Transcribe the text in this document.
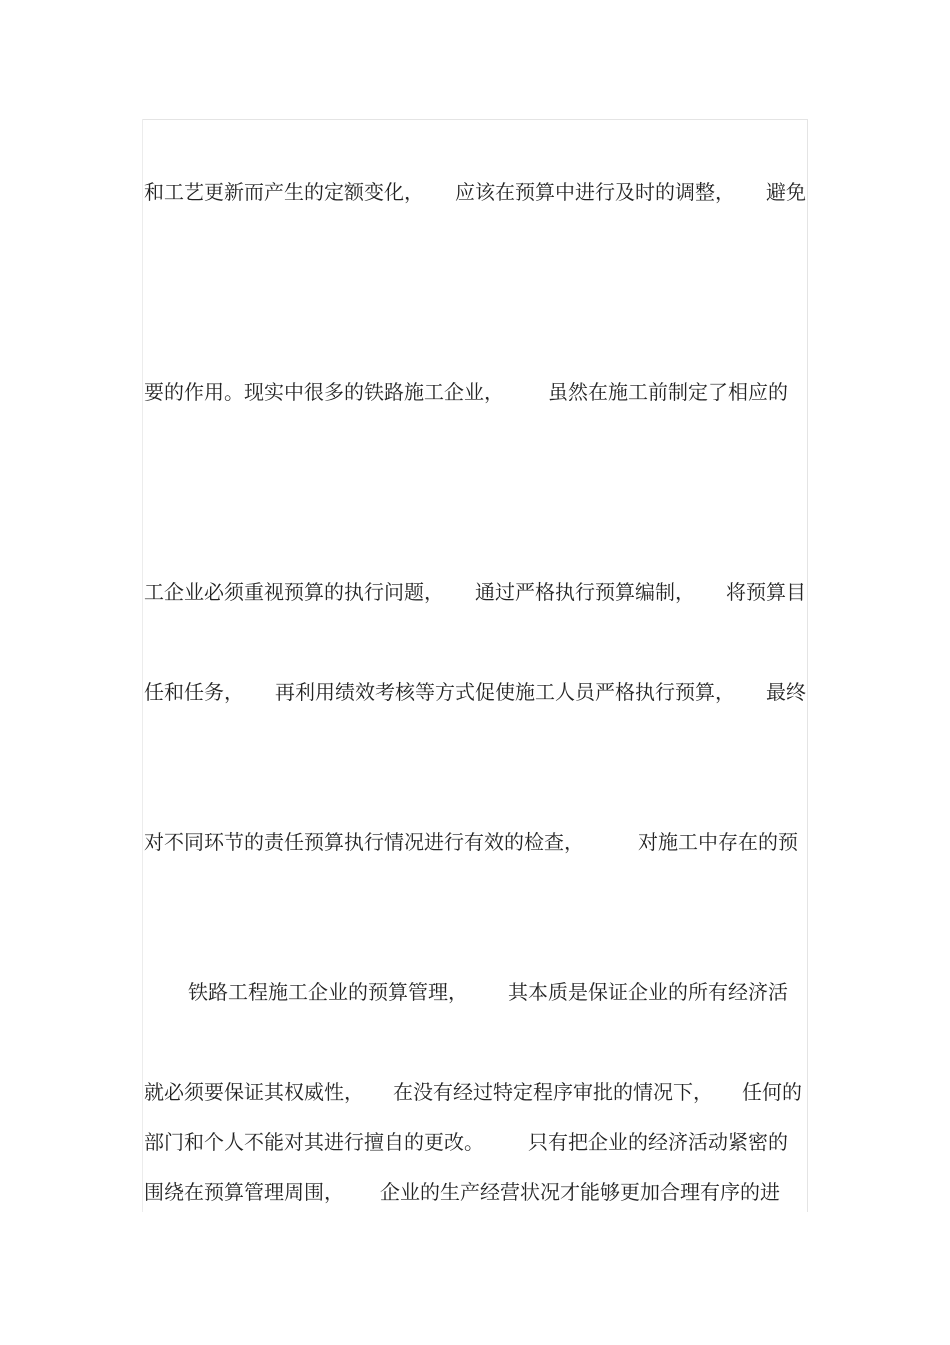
和工艺更新而产生的定额变化， 应该在预算中进行及时的调整， 避免

要的作用。现实中很多的铁路施工企业， 虽然在施工前制定了相应的

工企业必须重视预算的执行问题， 通过严格执行预算编制， 将预算目

任和任务， 再利用绩效考核等方式促使施工人员严格执行预算， 最终

对不同环节的责任预算执行情况进行有效的检查，	对施工中存在的预

铁路工程施工企业的预算管理， 其本质是保证企业的所有经济活

就必须要保证其权威性， 在没有经过特定程序审批的情况下， 任何的
部门和个人不能对其进行擅自的更改。 只有把企业的经济活动紧密的
围绕在预算管理周围， 企业的生产经营状况才能够更加合理有序的进
